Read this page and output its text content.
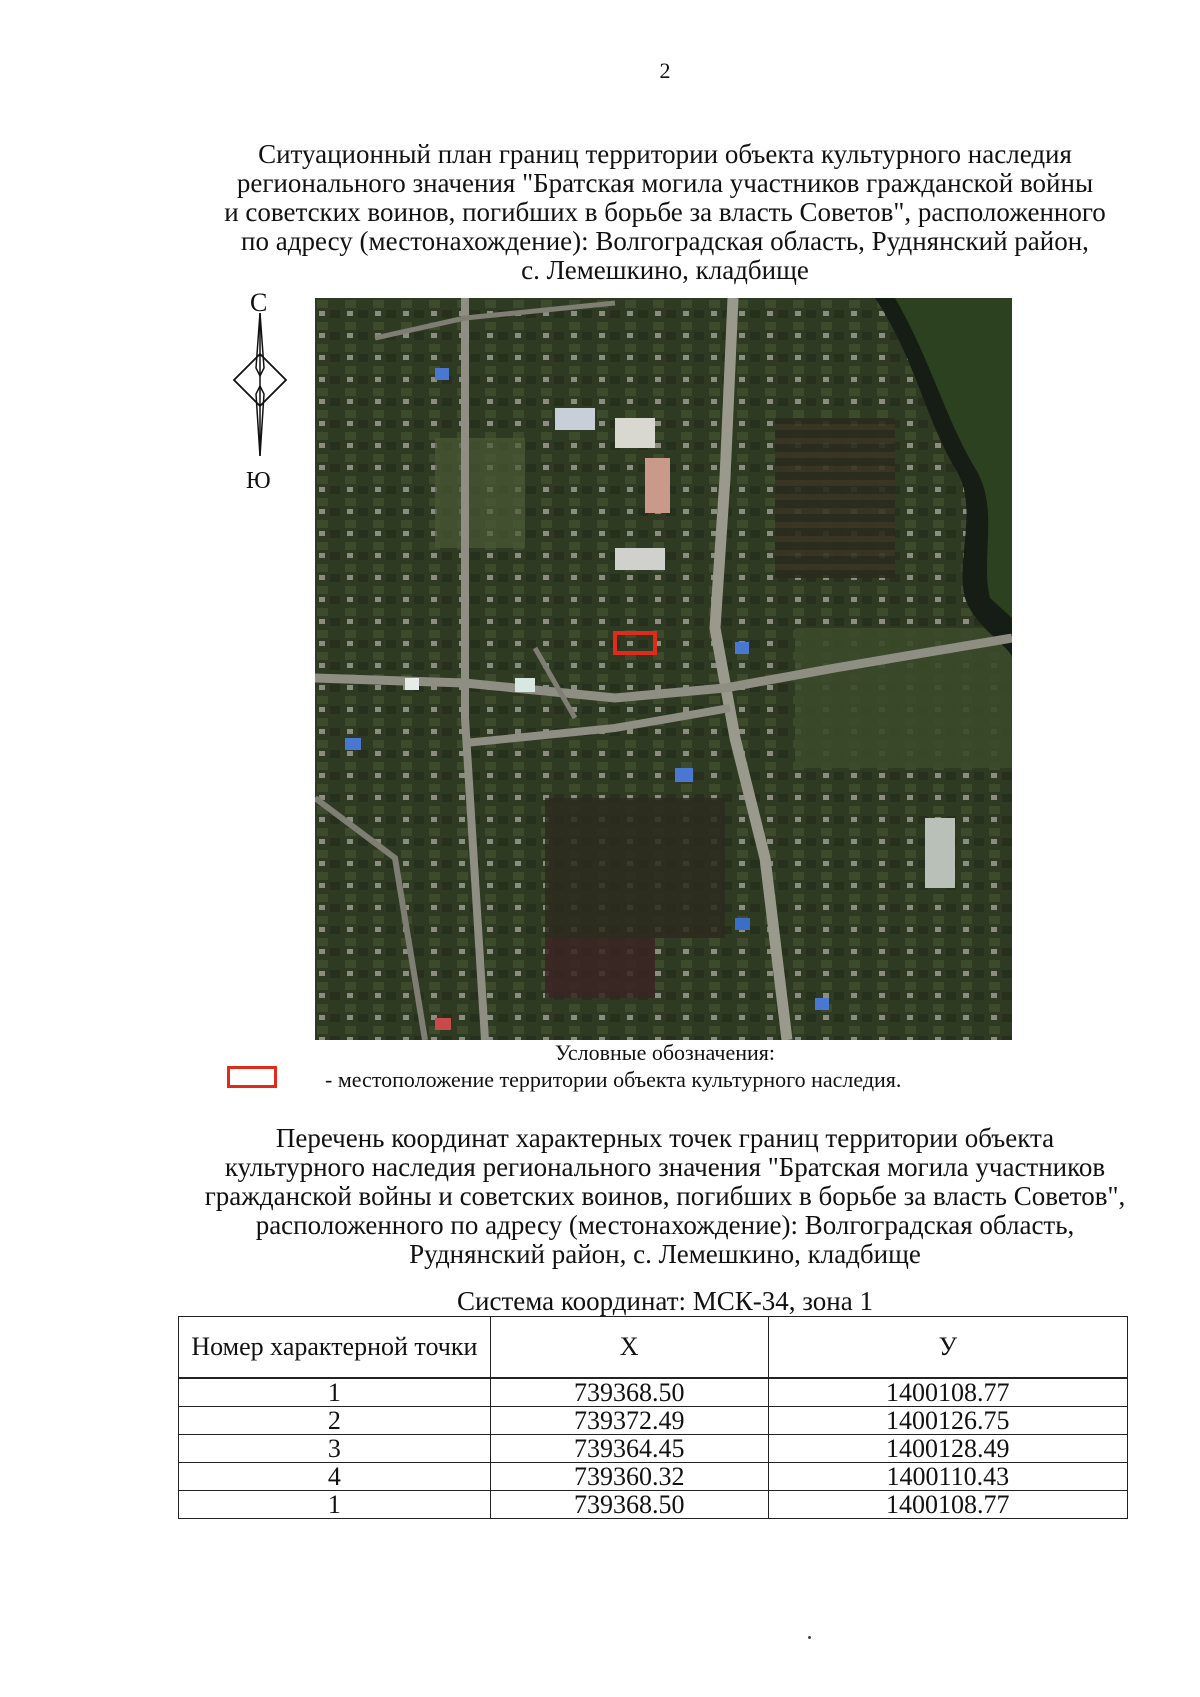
2
Ситуационный план границ территории объекта культурного наследия
регионального значения "Братская могила участников гражданской войны
и советских воинов, погибших в борьбе за власть Советов", расположенного
по адресу (местонахождение): Волгоградская область, Руднянский район,
с. Лемешкино, кладбище
С
Ю
Условные обозначения:
- местоположение территории объекта культурного наследия.
Перечень координат характерных точек границ территории объекта
культурного наследия регионального значения "Братская могила участников
гражданской войны и советских воинов, погибших в борьбе за власть Советов",
расположенного по адресу (местонахождение): Волгоградская область,
Руднянский район, с. Лемешкино, кладбище
Система координат: МСК-34, зона 1
Номер характерной точки	X	У
1	739368.50	1400108.77
2	739372.49	1400126.75
3	739364.45	1400128.49
4	739360.32	1400110.43
1	739368.50	1400108.77
